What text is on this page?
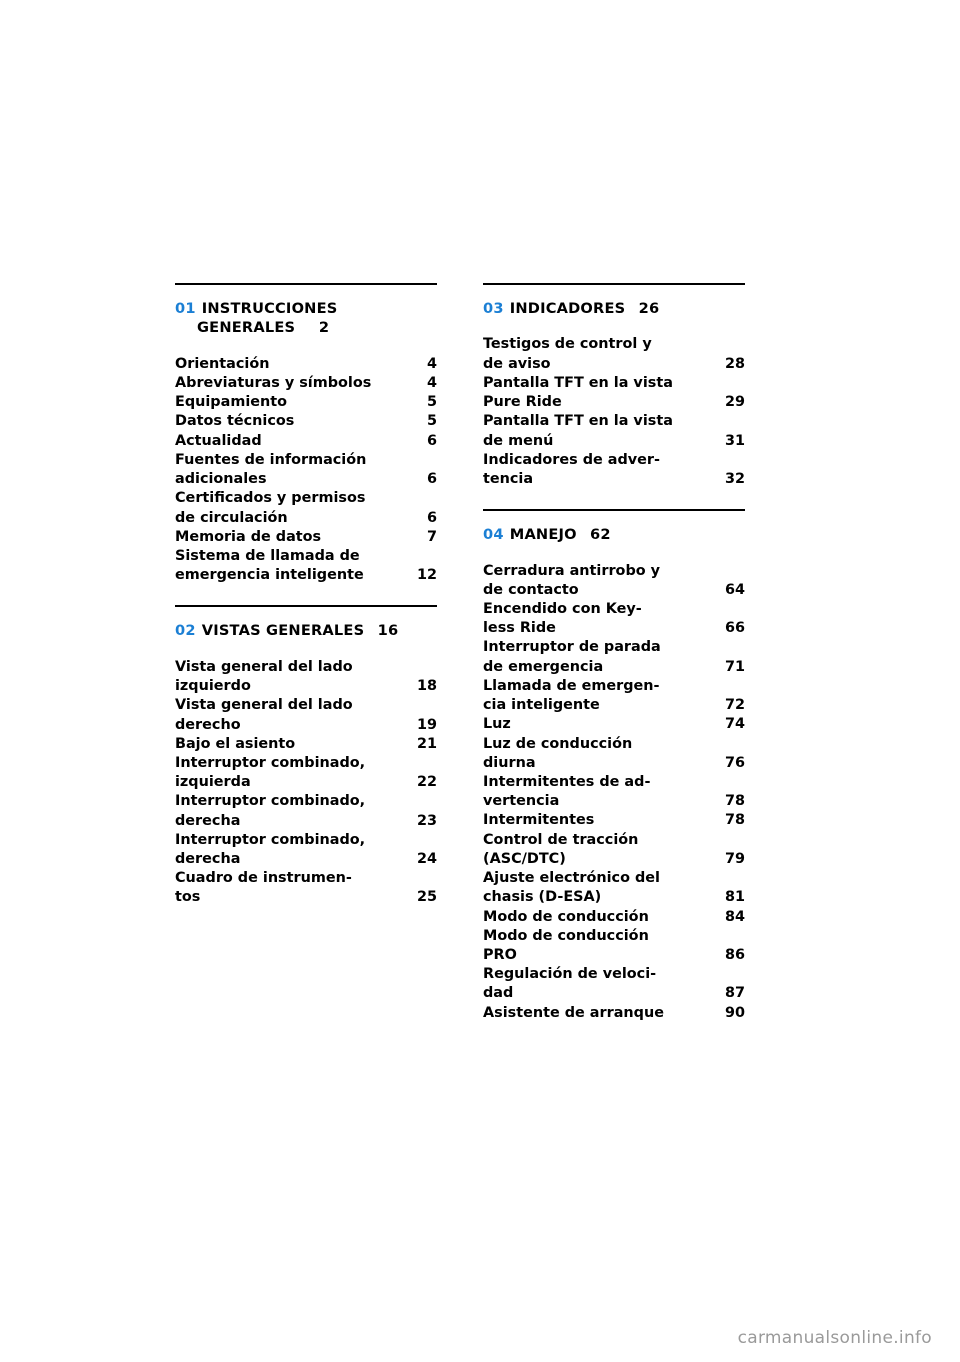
01 INSTRUCCIONES
GENERALES	2
Orientación	4
Abreviaturas y símbolos	4
Equipamiento	5
Datos técnicos	5
Actualidad	6
Fuentes de información
adicionales	6
Certificados y permisos
de circulación	6
Memoria de datos	7
Sistema de llamada de
emergencia inteligente	12
02 VISTAS GENERALES 16
Vista general del lado
izquierdo	18
Vista general del lado
derecho	19
Bajo el asiento	21
Interruptor combinado,
izquierda	22
Interruptor combinado,
derecha	23
Interruptor combinado,
derecha	24
Cuadro de instrumen-
tos	25
03 INDICADORES 26
Testigos de control y
de aviso	28
Pantalla TFT en la vista
Pure Ride	29
Pantalla TFT en la vista
de menú	31
Indicadores de adver-
tencia	32
04 MANEJO 62
Cerradura antirrobo y
de contacto	64
Encendido con Key-
less Ride	66
Interruptor de parada
de emergencia	71
Llamada de emergen-
cia inteligente	72
Luz	74
Luz de conducción
diurna	76
Intermitentes de ad-
vertencia	78
Intermitentes	78
Control de tracción
(ASC/DTC)	79
Ajuste electrónico del
chasis (D-ESA)	81
Modo de conducción	84
Modo de conducción
PRO	86
Regulación de veloci-
dad	87
Asistente de arranque	90
carmanualsonline.info
